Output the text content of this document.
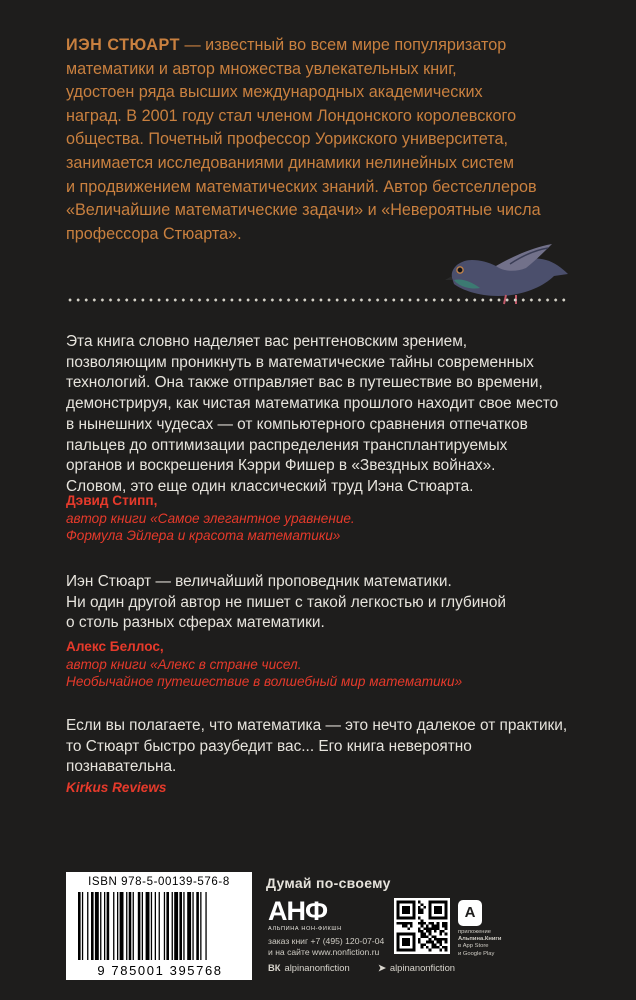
ИЭН СТЮАРТ — известный во всем мире популяризатор
математики и автор множества увлекательных книг,
удостоен ряда высших международных академических
наград. В 2001 году стал членом Лондонского королевского
общества. Почетный профессор Уорикского университета,
занимается исследованиями динамики нелинейных систем
и продвижением математических знаний. Автор бестселлеров
«Величайшие математические задачи» и «Невероятные числа
профессора Стюарта».
Эта книга словно наделяет вас рентгеновским зрением,
позволяющим проникнуть в математические тайны современных
технологий. Она также отправляет вас в путешествие во времени,
демонстрируя, как чистая математика прошлого находит свое место
в нынешних чудесах — от компьютерного сравнения отпечатков
пальцев до оптимизации распределения трансплантируемых
органов и воскрешения Кэрри Фишер в «Звездных войнах».
Словом, это еще один классический труд Иэна Стюарта.
Дэвид Стипп,
автор книги «Самое элегантное уравнение.
Формула Эйлера и красота математики»
Иэн Стюарт — величайший проповедник математики.
Ни один другой автор не пишет с такой легкостью и глубиной
о столь разных сферах математики.
Алекс Беллос,
автор книги «Алекс в стране чисел.
Необычайное путешествие в волшебный мир математики»
Если вы полагаете, что математика — это нечто далекое от практики,
то Стюарт быстро разубедит вас... Его книга невероятно
познавательна.
Kirkus Reviews
ISBN 978-5-00139-576-8
9 785001 395768
Думай по-своему
АНФ
АЛЬПИНА НОН-ФИКШН
заказ книг +7 (495) 120-07-04
и на сайте www.nonfiction.ru
А
приложение
Альпина.Книги
в App Store
и Google Play
ВК alpinanonfiction	➤ alpinanonfiction
